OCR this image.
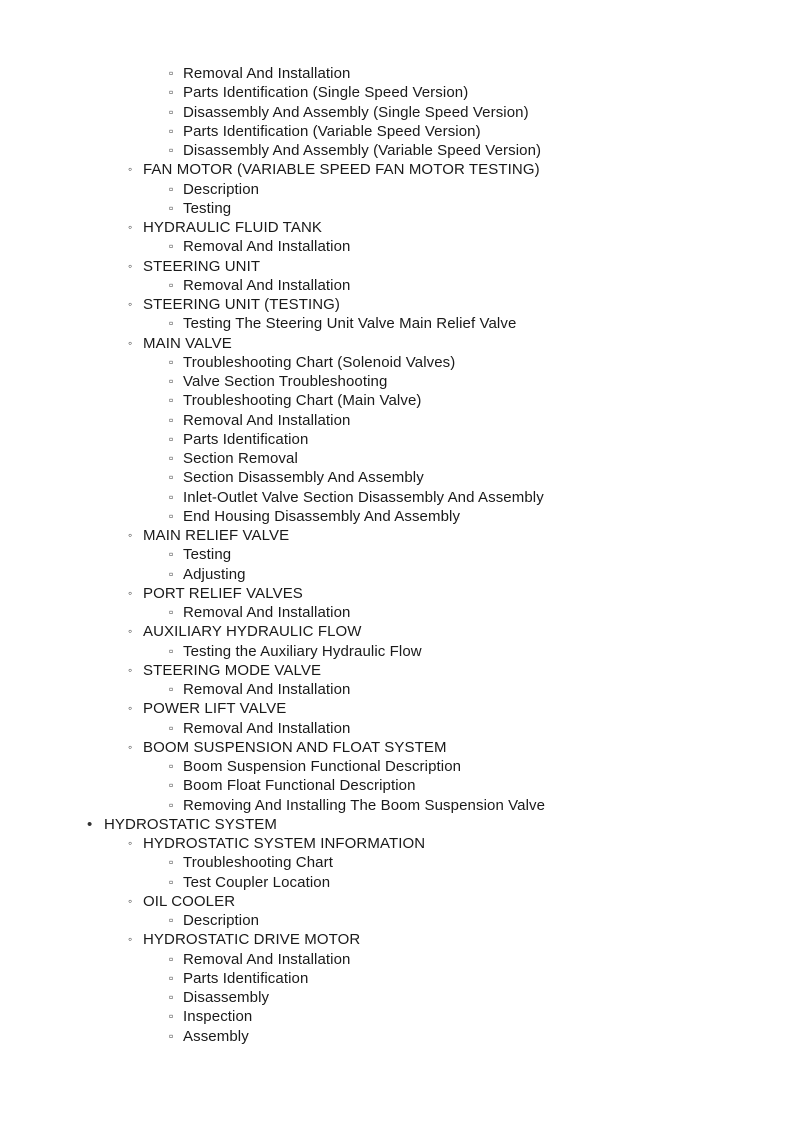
▫ Removal And Installation
▫ Parts Identification (Single Speed Version)
▫ Disassembly And Assembly (Single Speed Version)
▫ Parts Identification (Variable Speed Version)
▫ Disassembly And Assembly (Variable Speed Version)
◦ FAN MOTOR (VARIABLE SPEED FAN MOTOR TESTING)
▫ Description
▫ Testing
◦ HYDRAULIC FLUID TANK
▫ Removal And Installation
◦ STEERING UNIT
▫ Removal And Installation
◦ STEERING UNIT (TESTING)
▫ Testing The Steering Unit Valve Main Relief Valve
◦ MAIN VALVE
▫ Troubleshooting Chart (Solenoid Valves)
▫ Valve Section Troubleshooting
▫ Troubleshooting Chart (Main Valve)
▫ Removal And Installation
▫ Parts Identification
▫ Section Removal
▫ Section Disassembly And Assembly
▫ Inlet-Outlet Valve Section Disassembly And Assembly
▫ End Housing Disassembly And Assembly
◦ MAIN RELIEF VALVE
▫ Testing
▫ Adjusting
◦ PORT RELIEF VALVES
▫ Removal And Installation
◦ AUXILIARY HYDRAULIC FLOW
▫ Testing the Auxiliary Hydraulic Flow
◦ STEERING MODE VALVE
▫ Removal And Installation
◦ POWER LIFT VALVE
▫ Removal And Installation
◦ BOOM SUSPENSION AND FLOAT SYSTEM
▫ Boom Suspension Functional Description
▫ Boom Float Functional Description
▫ Removing And Installing The Boom Suspension Valve
• HYDROSTATIC SYSTEM
◦ HYDROSTATIC SYSTEM INFORMATION
▫ Troubleshooting Chart
▫ Test Coupler Location
◦ OIL COOLER
▫ Description
◦ HYDROSTATIC DRIVE MOTOR
▫ Removal And Installation
▫ Parts Identification
▫ Disassembly
▫ Inspection
▫ Assembly
